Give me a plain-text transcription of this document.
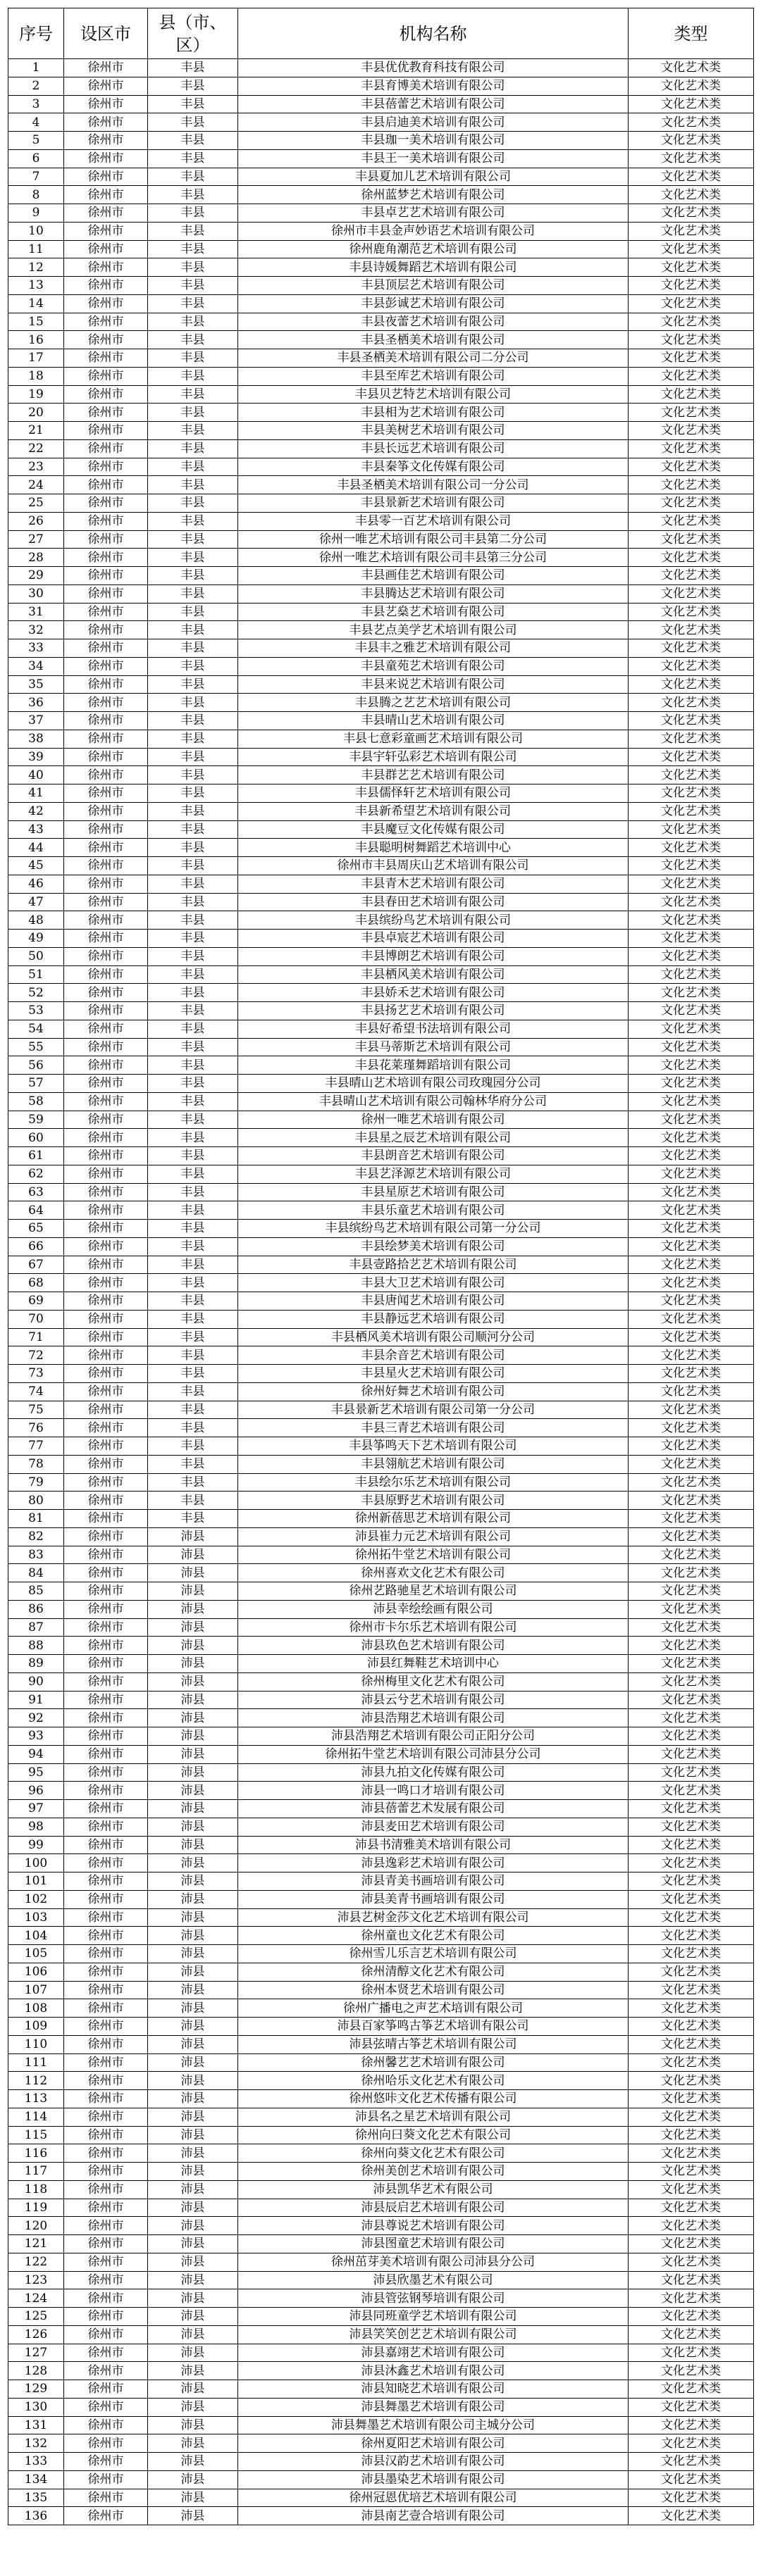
序号	设区市	县（市、区）	机构名称	类型
1	徐州市	丰县	丰县优优教育科技有限公司	文化艺术类
2	徐州市	丰县	丰县育博美术培训有限公司	文化艺术类
3	徐州市	丰县	丰县蓓蕾艺术培训有限公司	文化艺术类
4	徐州市	丰县	丰县启迪美术培训有限公司	文化艺术类
5	徐州市	丰县	丰县珈一美术培训有限公司	文化艺术类
6	徐州市	丰县	丰县王一美术培训有限公司	文化艺术类
7	徐州市	丰县	丰县夏加儿艺术培训有限公司	文化艺术类
8	徐州市	丰县	徐州蓝梦艺术培训有限公司	文化艺术类
9	徐州市	丰县	丰县卓艺艺术培训有限公司	文化艺术类
10	徐州市	丰县	徐州市丰县金声妙语艺术培训有限公司	文化艺术类
11	徐州市	丰县	徐州鹿角潮范艺术培训有限公司	文化艺术类
12	徐州市	丰县	丰县诗媛舞蹈艺术培训有限公司	文化艺术类
13	徐州市	丰县	丰县顶层艺术培训有限公司	文化艺术类
14	徐州市	丰县	丰县彭诚艺术培训有限公司	文化艺术类
15	徐州市	丰县	丰县夜蕾艺术培训有限公司	文化艺术类
16	徐州市	丰县	丰县圣栖美术培训有限公司	文化艺术类
17	徐州市	丰县	丰县圣栖美术培训有限公司二分公司	文化艺术类
18	徐州市	丰县	丰县至库艺术培训有限公司	文化艺术类
19	徐州市	丰县	丰县贝艺特艺术培训有限公司	文化艺术类
20	徐州市	丰县	丰县相为艺术培训有限公司	文化艺术类
21	徐州市	丰县	丰县美树艺术培训有限公司	文化艺术类
22	徐州市	丰县	丰县长远艺术培训有限公司	文化艺术类
23	徐州市	丰县	丰县秦筝文化传媒有限公司	文化艺术类
24	徐州市	丰县	丰县圣栖美术培训有限公司一分公司	文化艺术类
25	徐州市	丰县	丰县景新艺术培训有限公司	文化艺术类
26	徐州市	丰县	丰县零一百艺术培训有限公司	文化艺术类
27	徐州市	丰县	徐州一唯艺术培训有限公司丰县第二分公司	文化艺术类
28	徐州市	丰县	徐州一唯艺术培训有限公司丰县第三分公司	文化艺术类
29	徐州市	丰县	丰县画佳艺术培训有限公司	文化艺术类
30	徐州市	丰县	丰县腾达艺术培训有限公司	文化艺术类
31	徐州市	丰县	丰县艺燊艺术培训有限公司	文化艺术类
32	徐州市	丰县	丰县艺点美学艺术培训有限公司	文化艺术类
33	徐州市	丰县	丰县丰之雅艺术培训有限公司	文化艺术类
34	徐州市	丰县	丰县童苑艺术培训有限公司	文化艺术类
35	徐州市	丰县	丰县来说艺术培训有限公司	文化艺术类
36	徐州市	丰县	丰县腾之艺艺术培训有限公司	文化艺术类
37	徐州市	丰县	丰县晴山艺术培训有限公司	文化艺术类
38	徐州市	丰县	丰县七意彩童画艺术培训有限公司	文化艺术类
39	徐州市	丰县	丰县宇轩弘彩艺术培训有限公司	文化艺术类
40	徐州市	丰县	丰县群艺艺术培训有限公司	文化艺术类
41	徐州市	丰县	丰县儒怿轩艺术培训有限公司	文化艺术类
42	徐州市	丰县	丰县新希望艺术培训有限公司	文化艺术类
43	徐州市	丰县	丰县魔豆文化传媒有限公司	文化艺术类
44	徐州市	丰县	丰县聪明树舞蹈艺术培训中心	文化艺术类
45	徐州市	丰县	徐州市丰县周庆山艺术培训有限公司	文化艺术类
46	徐州市	丰县	丰县青木艺术培训有限公司	文化艺术类
47	徐州市	丰县	丰县春田艺术培训有限公司	文化艺术类
48	徐州市	丰县	丰县缤纷鸟艺术培训有限公司	文化艺术类
49	徐州市	丰县	丰县卓宸艺术培训有限公司	文化艺术类
50	徐州市	丰县	丰县博朗艺术培训有限公司	文化艺术类
51	徐州市	丰县	丰县栖风美术培训有限公司	文化艺术类
52	徐州市	丰县	丰县娇禾艺术培训有限公司	文化艺术类
53	徐州市	丰县	丰县扬艺艺术培训有限公司	文化艺术类
54	徐州市	丰县	丰县好希望书法培训有限公司	文化艺术类
55	徐州市	丰县	丰县马蒂斯艺术培训有限公司	文化艺术类
56	徐州市	丰县	丰县花莱瑾舞蹈培训有限公司	文化艺术类
57	徐州市	丰县	丰县晴山艺术培训有限公司玫瑰园分公司	文化艺术类
58	徐州市	丰县	丰县晴山艺术培训有限公司翰林华府分公司	文化艺术类
59	徐州市	丰县	徐州一唯艺术培训有限公司	文化艺术类
60	徐州市	丰县	丰县星之辰艺术培训有限公司	文化艺术类
61	徐州市	丰县	丰县朗音艺术培训有限公司	文化艺术类
62	徐州市	丰县	丰县艺泽源艺术培训有限公司	文化艺术类
63	徐州市	丰县	丰县星原艺术培训有限公司	文化艺术类
64	徐州市	丰县	丰县乐童艺术培训有限公司	文化艺术类
65	徐州市	丰县	丰县缤纷鸟艺术培训有限公司第一分公司	文化艺术类
66	徐州市	丰县	丰县绘梦美术培训有限公司	文化艺术类
67	徐州市	丰县	丰县壹路拾艺艺术培训有限公司	文化艺术类
68	徐州市	丰县	丰县大卫艺术培训有限公司	文化艺术类
69	徐州市	丰县	丰县唐闻艺术培训有限公司	文化艺术类
70	徐州市	丰县	丰县静远艺术培训有限公司	文化艺术类
71	徐州市	丰县	丰县栖风美术培训有限公司顺河分公司	文化艺术类
72	徐州市	丰县	丰县余音艺术培训有限公司	文化艺术类
73	徐州市	丰县	丰县星火艺术培训有限公司	文化艺术类
74	徐州市	丰县	徐州好舞艺术培训有限公司	文化艺术类
75	徐州市	丰县	丰县景新艺术培训有限公司第一分公司	文化艺术类
76	徐州市	丰县	丰县三青艺术培训有限公司	文化艺术类
77	徐州市	丰县	丰县筝鸣天下艺术培训有限公司	文化艺术类
78	徐州市	丰县	丰县翎航艺术培训有限公司	文化艺术类
79	徐州市	丰县	丰县绘尔乐艺术培训有限公司	文化艺术类
80	徐州市	丰县	丰县原野艺术培训有限公司	文化艺术类
81	徐州市	丰县	徐州新蓓思艺术培训有限公司	文化艺术类
82	徐州市	沛县	沛县崔力元艺术培训有限公司	文化艺术类
83	徐州市	沛县	徐州拓牛堂艺术培训有限公司	文化艺术类
84	徐州市	沛县	徐州喜欢文化艺术有限公司	文化艺术类
85	徐州市	沛县	徐州艺路驰星艺术培训有限公司	文化艺术类
86	徐州市	沛县	沛县幸绘绘画有限公司	文化艺术类
87	徐州市	沛县	徐州市卡尔乐艺术培训有限公司	文化艺术类
88	徐州市	沛县	沛县玖色艺术培训有限公司	文化艺术类
89	徐州市	沛县	沛县红舞鞋艺术培训中心	文化艺术类
90	徐州市	沛县	徐州梅里文化艺术有限公司	文化艺术类
91	徐州市	沛县	沛县云兮艺术培训有限公司	文化艺术类
92	徐州市	沛县	沛县浩翔艺术培训有限公司	文化艺术类
93	徐州市	沛县	沛县浩翔艺术培训有限公司正阳分公司	文化艺术类
94	徐州市	沛县	徐州拓牛堂艺术培训有限公司沛县分公司	文化艺术类
95	徐州市	沛县	沛县九拍文化传媒有限公司	文化艺术类
96	徐州市	沛县	沛县一鸣口才培训有限公司	文化艺术类
97	徐州市	沛县	沛县蓓蕾艺术发展有限公司	文化艺术类
98	徐州市	沛县	沛县麦田艺术培训有限公司	文化艺术类
99	徐州市	沛县	沛县书清雅美术培训有限公司	文化艺术类
100	徐州市	沛县	沛县逸彩艺术培训有限公司	文化艺术类
101	徐州市	沛县	沛县青美书画培训有限公司	文化艺术类
102	徐州市	沛县	沛县美青书画培训有限公司	文化艺术类
103	徐州市	沛县	沛县艺树金莎文化艺术培训有限公司	文化艺术类
104	徐州市	沛县	徐州童也文化艺术有限公司	文化艺术类
105	徐州市	沛县	徐州雪儿乐言艺术培训有限公司	文化艺术类
106	徐州市	沛县	徐州清醇文化艺术有限公司	文化艺术类
107	徐州市	沛县	徐州本贤艺术培训有限公司	文化艺术类
108	徐州市	沛县	徐州广播电之声艺术培训有限公司	文化艺术类
109	徐州市	沛县	沛县百家筝鸣古筝艺术培训有限公司	文化艺术类
110	徐州市	沛县	沛县弦晴古筝艺术培训有限公司	文化艺术类
111	徐州市	沛县	徐州馨艺艺术培训有限公司	文化艺术类
112	徐州市	沛县	徐州哈乐文化艺术有限公司	文化艺术类
113	徐州市	沛县	徐州悠咔文化艺术传播有限公司	文化艺术类
114	徐州市	沛县	沛县名之星艺术培训有限公司	文化艺术类
115	徐州市	沛县	徐州向曰葵文化艺术有限公司	文化艺术类
116	徐州市	沛县	徐州向葵文化艺术有限公司	文化艺术类
117	徐州市	沛县	徐州美创艺术培训有限公司	文化艺术类
118	徐州市	沛县	沛县凯华艺术有限公司	文化艺术类
119	徐州市	沛县	沛县辰启艺术培训有限公司	文化艺术类
120	徐州市	沛县	沛县尊说艺术培训有限公司	文化艺术类
121	徐州市	沛县	沛县图童艺术培训有限公司	文化艺术类
122	徐州市	沛县	徐州茁芽美术培训有限公司沛县分公司	文化艺术类
123	徐州市	沛县	沛县欣墨艺术有限公司	文化艺术类
124	徐州市	沛县	沛县管弦钢琴培训有限公司	文化艺术类
125	徐州市	沛县	沛县同班童学艺术培训有限公司	文化艺术类
126	徐州市	沛县	沛县笑笑创艺艺术培训有限公司	文化艺术类
127	徐州市	沛县	沛县嘉翊艺术培训有限公司	文化艺术类
128	徐州市	沛县	沛县沐鑫艺术培训有限公司	文化艺术类
129	徐州市	沛县	沛县知晓艺术培训有限公司	文化艺术类
130	徐州市	沛县	沛县舞墨艺术培训有限公司	文化艺术类
131	徐州市	沛县	沛县舞墨艺术培训有限公司主城分公司	文化艺术类
132	徐州市	沛县	徐州夏阳艺术培训有限公司	文化艺术类
133	徐州市	沛县	沛县汉韵艺术培训有限公司	文化艺术类
134	徐州市	沛县	沛县墨染艺术培训有限公司	文化艺术类
135	徐州市	沛县	徐州冠恩优培艺术培训有限公司	文化艺术类
136	徐州市	沛县	沛县南艺壹合培训有限公司	文化艺术类
